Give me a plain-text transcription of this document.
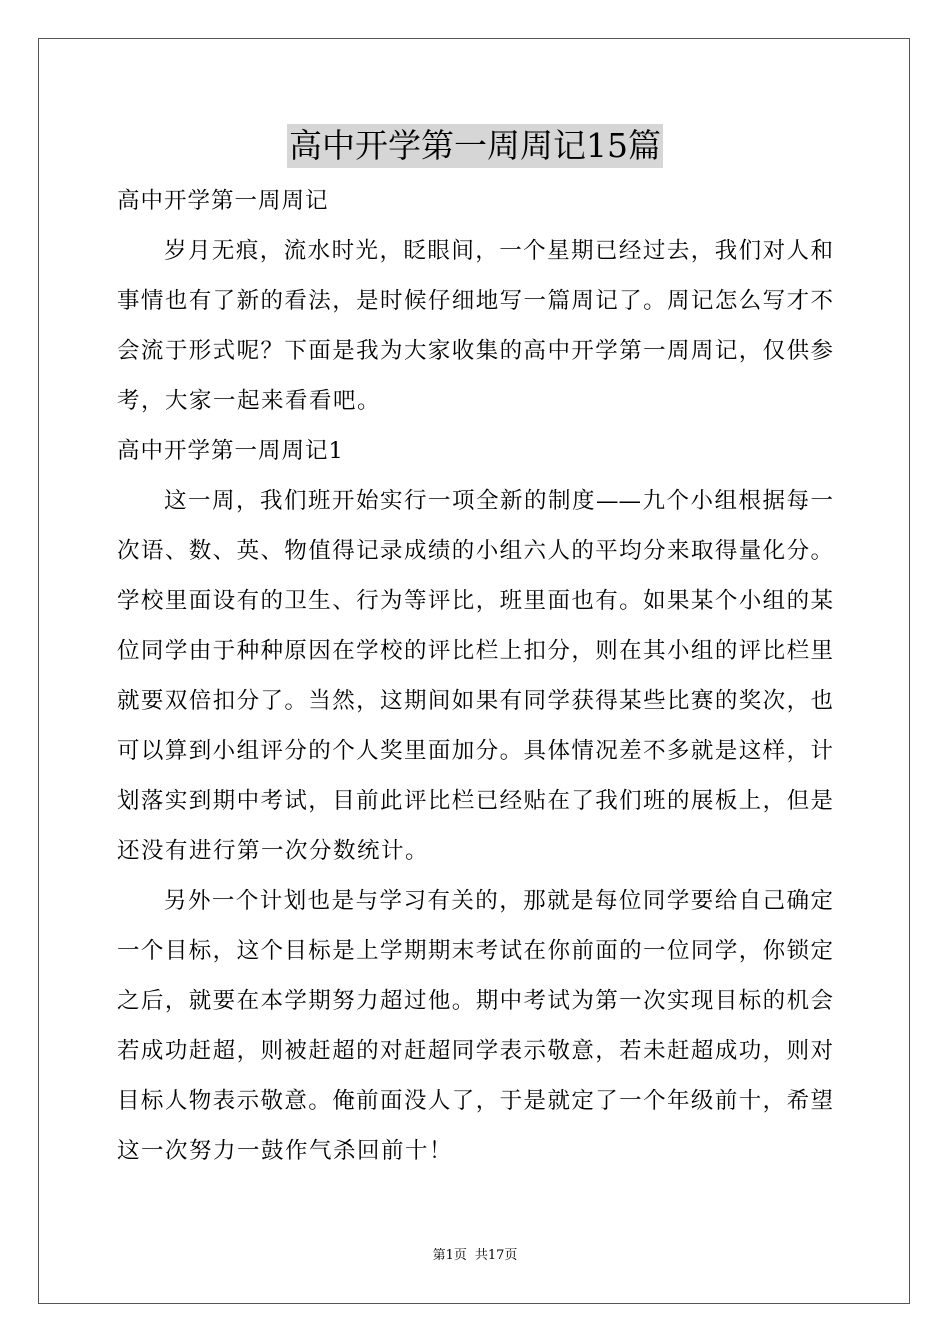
高中开学第一周周记15篇
高中开学第一周周记
岁月无痕，流水时光，眨眼间，一个星期已经过去，我们对人和
事情也有了新的看法，是时候仔细地写一篇周记了。周记怎么写才不
会流于形式呢？下面是我为大家收集的高中开学第一周周记，仅供参
考，大家一起来看看吧。
高中开学第一周周记1
这一周，我们班开始实行一项全新的制度——九个小组根据每一
次语、数、英、物值得记录成绩的小组六人的平均分来取得量化分。
学校里面设有的卫生、行为等评比，班里面也有。如果某个小组的某
位同学由于种种原因在学校的评比栏上扣分，则在其小组的评比栏里
就要双倍扣分了。当然，这期间如果有同学获得某些比赛的奖次，也
可以算到小组评分的个人奖里面加分。具体情况差不多就是这样，计
划落实到期中考试，目前此评比栏已经贴在了我们班的展板上，但是
还没有进行第一次分数统计。
另外一个计划也是与学习有关的，那就是每位同学要给自己确定
一个目标，这个目标是上学期期末考试在你前面的一位同学，你锁定
之后，就要在本学期努力超过他。期中考试为第一次实现目标的机会
若成功赶超，则被赶超的对赶超同学表示敬意，若未赶超成功，则对
目标人物表示敬意。俺前面没人了，于是就定了一个年级前十，希望
这一次努力一鼓作气杀回前十！
第1页 共17页
